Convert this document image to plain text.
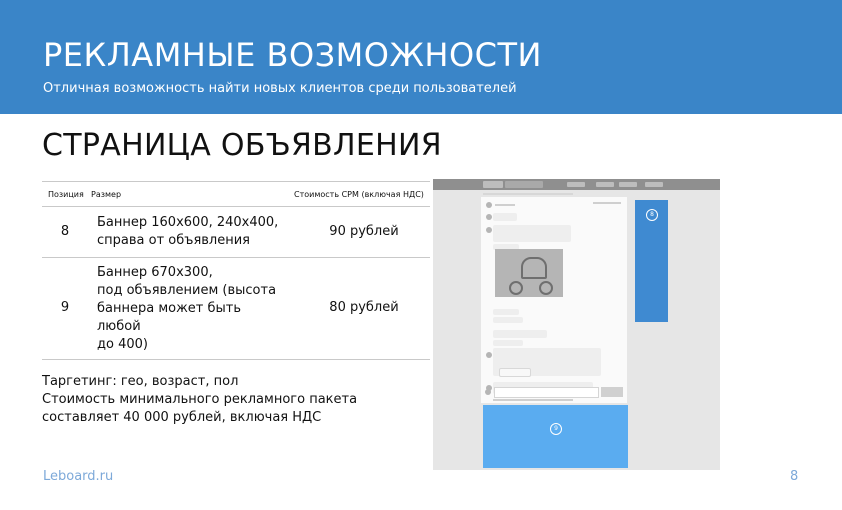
РЕКЛАМНЫЕ ВОЗМОЖНОСТИ
Отличная возможность найти новых клиентов среди пользователей
СТРАНИЦА ОБЪЯВЛЕНИЯ
Позиция Размер	Стоимость CPM (включая НДС)
8
Баннер 160х600, 240х400,
справа от объявления
90 рублей
9
Баннер 670х300,
под объявлением (высота
баннера может быть
любой
до 400)
80 рублей
Таргетинг: гео, возраст, пол
Стоимость минимального рекламного пакета
составляет 40 000 рублей, включая НДС
8
9
Leboard.ru	8
